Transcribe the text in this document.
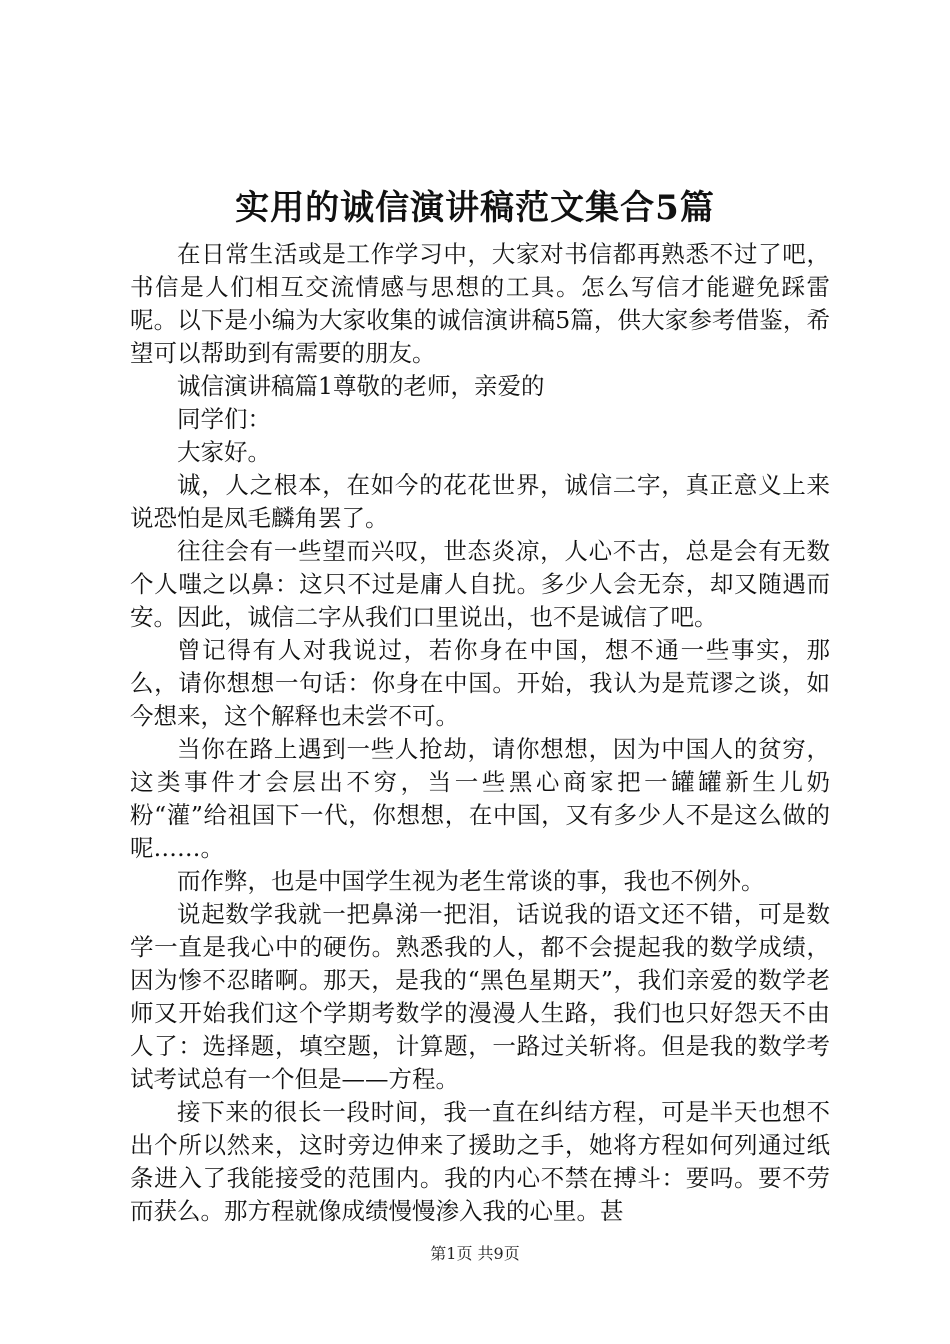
实用的诚信演讲稿范文集合5篇

在日常生活或是工作学习中，大家对书信都再熟悉不过了吧，书信是人们相互交流情感与思想的工具。怎么写信才能避免踩雷呢。以下是小编为大家收集的诚信演讲稿5篇，供大家参考借鉴，希望可以帮助到有需要的朋友。

诚信演讲稿篇1尊敬的老师，亲爱的

同学们：

大家好。

诚，人之根本，在如今的花花世界，诚信二字，真正意义上来说恐怕是凤毛麟角罢了。

往往会有一些望而兴叹，世态炎凉，人心不古，总是会有无数个人嗤之以鼻：这只不过是庸人自扰。多少人会无奈，却又随遇而安。因此，诚信二字从我们口里说出，也不是诚信了吧。

曾记得有人对我说过，若你身在中国，想不通一些事实，那么，请你想想一句话：你身在中国。开始，我认为是荒谬之谈，如今想来，这个解释也未尝不可。

当你在路上遇到一些人抢劫，请你想想，因为中国人的贫穷，这类事件才会层出不穷，当一些黑心商家把一罐罐新生儿奶粉“灌”给祖国下一代，你想想，在中国，又有多少人不是这么做的呢……。

而作弊，也是中国学生视为老生常谈的事，我也不例外。

说起数学我就一把鼻涕一把泪，话说我的语文还不错，可是数学一直是我心中的硬伤。熟悉我的人，都不会提起我的数学成绩，因为惨不忍睹啊。那天，是我的“黑色星期天”，我们亲爱的数学老师又开始我们这个学期考数学的漫漫人生路，我们也只好怨天不由人了：选择题，填空题，计算题，一路过关斩将。但是我的数学考试考试总有一个但是——方程。

接下来的很长一段时间，我一直在纠结方程，可是半天也想不出个所以然来，这时旁边伸来了援助之手，她将方程如何列通过纸条进入了我能接受的范围内。我的内心不禁在搏斗：要吗。要不劳而获么。那方程就像成绩慢慢渗入我的心里。甚

第1页 共9页
